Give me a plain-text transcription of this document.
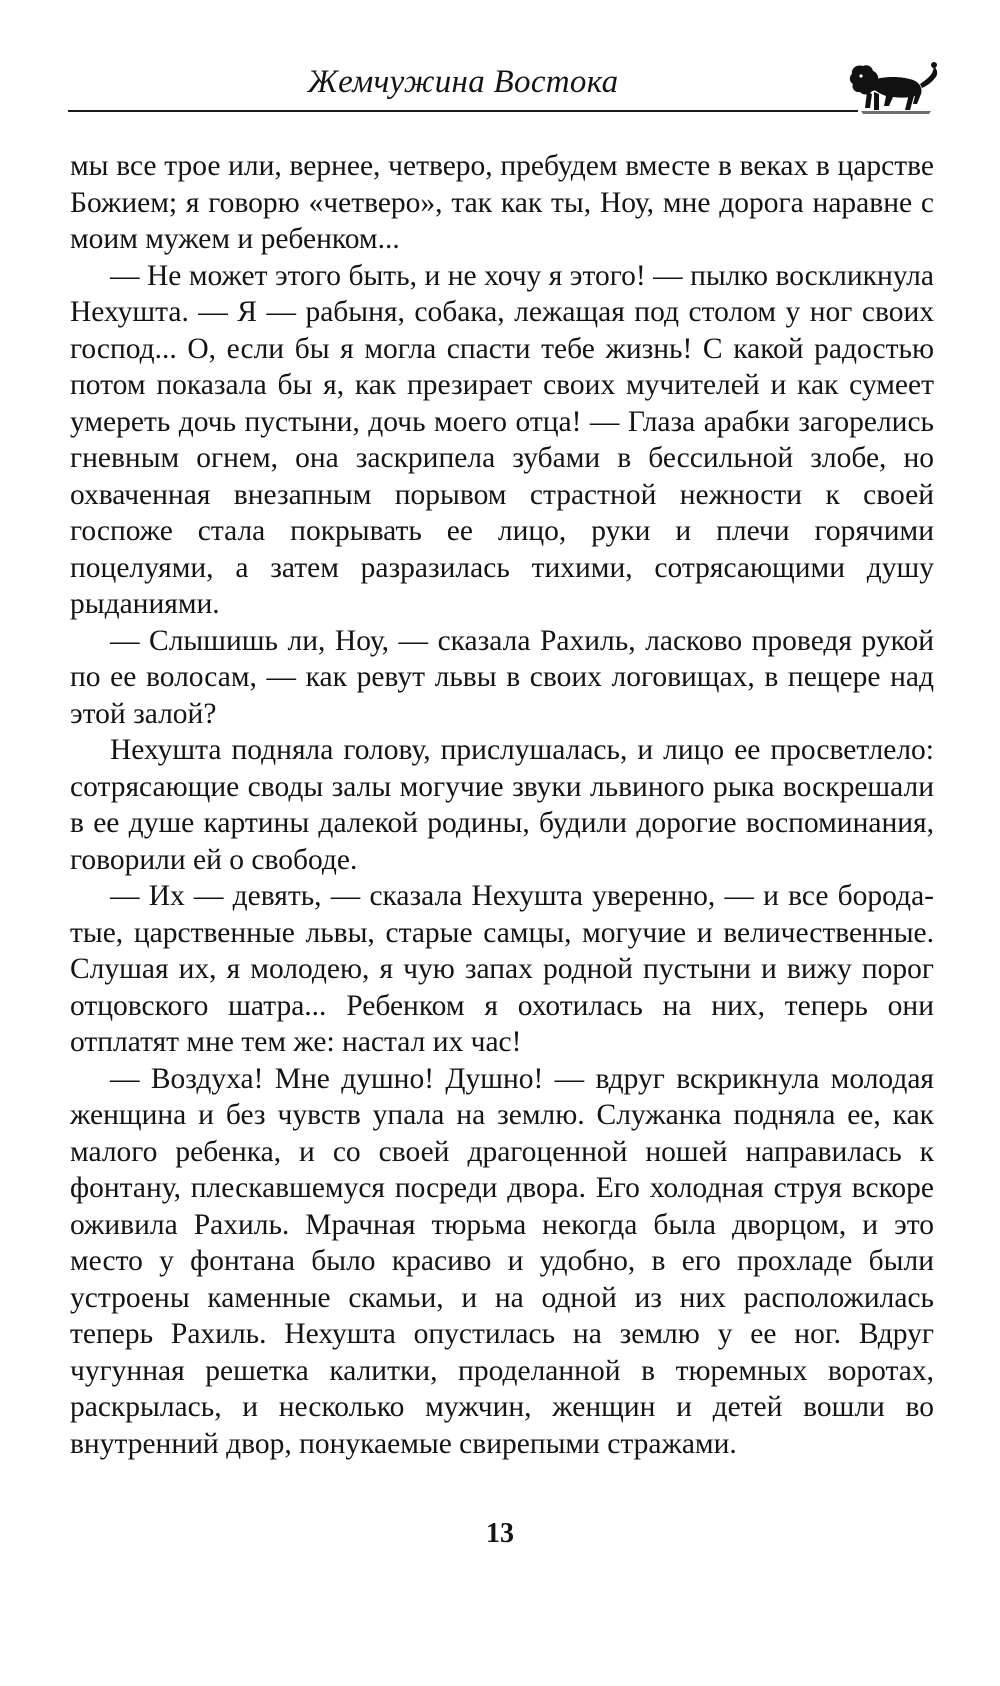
Жемчужина Востока

мы все трое или, вернее, четверо, пребудем вместе в веках в царстве Божием; я говорю «четверо», так как ты, Ноу, мне дорога наравне с моим мужем и ребенком...

— Не может этого быть, и не хочу я этого! — пылко воскликнула Нехушта. — Я — рабыня, собака, лежащая под столом у ног своих господ... О, если бы я могла спасти тебе жизнь! С какой радостью потом показала бы я, как презирает своих мучителей и как сумеет умереть дочь пустыни, дочь моего отца! — Глаза арабки загорелись гневным огнем, она заскрипела зубами в бессильной злобе, но охваченная внезапным порывом страстной нежности к своей госпоже стала покрывать ее лицо, руки и плечи горячими поцелуями, а затем разразилась тихими, сотрясающими душу рыданиями.

— Слышишь ли, Ноу, — сказала Рахиль, ласково проведя рукой по ее волосам, — как ревут львы в своих логовищах, в пещере над этой залой?

Нехушта подняла голову, прислушалась, и лицо ее просветлело: сотрясающие своды залы могучие звуки львиного рыка воскрешали в ее душе картины далекой родины, будили дорогие воспоминания, говорили ей о свободе.

— Их — девять, — сказала Нехушта уверенно, — и все бородатые, царственные львы, старые самцы, могучие и величественные. Слушая их, я молодею, я чую запах родной пустыни и вижу порог отцовского шатра... Ребенком я охотилась на них, теперь они отплатят мне тем же: настал их час!

— Воздуха! Мне душно! Душно! — вдруг вскрикнула молодая женщина и без чувств упала на землю. Служанка подняла ее, как малого ребенка, и со своей драгоценной ношей направилась к фонтану, плескавшемуся посреди двора. Его холодная струя вскоре оживила Рахиль. Мрачная тюрьма некогда была дворцом, и это место у фонтана было красиво и удобно, в его прохладе были устроены каменные скамьи, и на одной из них расположилась теперь Рахиль. Нехушта опустилась на землю у ее ног. Вдруг чугунная решетка калитки, проделанной в тюремных воротах, раскрылась, и несколько мужчин, женщин и детей вошли во внутренний двор, понукаемые свирепыми стражами.

13
